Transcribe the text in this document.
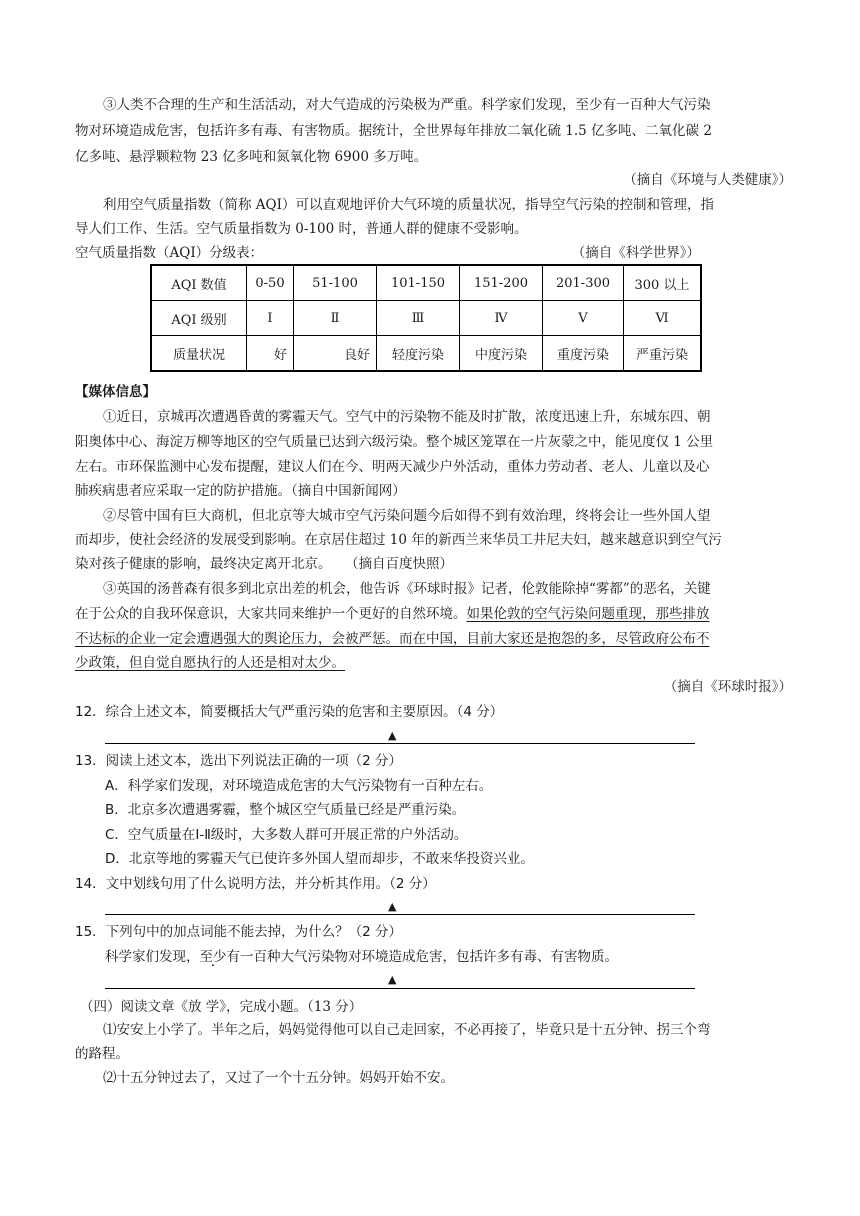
③人类不合理的生产和生活活动，对大气造成的污染极为严重。科学家们发现，至少有一百种大气污染
物对环境造成危害，包括许多有毒、有害物质。据统计，全世界每年排放二氧化硫 1.5 亿多吨、二氧化碳 2
亿多吨、悬浮颗粒物 23 亿多吨和氮氧化物 6900 多万吨。
（摘自《环境与人类健康》）
利用空气质量指数（简称 AQI）可以直观地评价大气环境的质量状况，指导空气污染的控制和管理，指
导人们工作、生活。空气质量指数为 0-100 时，普通人群的健康不受影响。
空气质量指数（AQI）分级表：	（摘自《科学世界》）
AQI 数值	0-50	51-100	101-150	151-200	201-300	300 以上
AQI 级别	Ⅰ	Ⅱ	Ⅲ	Ⅳ	Ⅴ	Ⅵ
质量状况	好	良好	轻度污染	中度污染	重度污染	严重污染
【媒体信息】
①近日，京城再次遭遇昏黄的雾霾天气。空气中的污染物不能及时扩散，浓度迅速上升，东城东四、朝
阳奥体中心、海淀万柳等地区的空气质量已达到六级污染。整个城区笼罩在一片灰蒙之中，能见度仅 1 公里
左右。市环保监测中心发布提醒，建议人们在今、明两天减少户外活动，重体力劳动者、老人、儿童以及心
肺疾病患者应采取一定的防护措施。（摘自中国新闻网）
②尽管中国有巨大商机，但北京等大城市空气污染问题今后如得不到有效治理，终将会让一些外国人望
而却步，使社会经济的发展受到影响。在京居住超过 10 年的新西兰来华员工井尼夫妇，越来越意识到空气污
染对孩子健康的影响，最终决定离开北京。　　（摘自百度快照）
③英国的汤普森有很多到北京出差的机会，他告诉《环球时报》记者，伦敦能除掉“雾都”的恶名，关键
在于公众的自我环保意识，大家共同来维护一个更好的自然环境。如果伦敦的空气污染问题重现，那些排放
不达标的企业一定会遭遇强大的舆论压力，会被严惩。而在中国，目前大家还是抱怨的多，尽管政府公布不
少政策，但自觉自愿执行的人还是相对太少。
（摘自《环球时报》）
12．综合上述文本，简要概括大气严重污染的危害和主要原因。（4 分）
▲
13．阅读上述文本，选出下列说法正确的一项（2 分）
A．科学家们发现，对环境造成危害的大气污染物有一百种左右。
B．北京多次遭遇雾霾，整个城区空气质量已经是严重污染。
C．空气质量在Ⅰ-Ⅱ级时，大多数人群可开展正常的户外活动。
D．北京等地的雾霾天气已使许多外国人望而却步，不敢来华投资兴业。
14．文中划线句用了什么说明方法，并分析其作用。（2 分）
▲
15．下列句中的加点词能不能去掉，为什么？（2 分）
科学家们发现，至少有一百种大气污染物对环境造成危害，包括许多有毒、有害物质。
▲
（四）阅读文章《放 学》，完成小题。（13 分）
⑴安安上小学了。半年之后，妈妈觉得他可以自己走回家，不必再接了，毕竟只是十五分钟、拐三个弯
的路程。
⑵十五分钟过去了，又过了一个十五分钟。妈妈开始不安。
